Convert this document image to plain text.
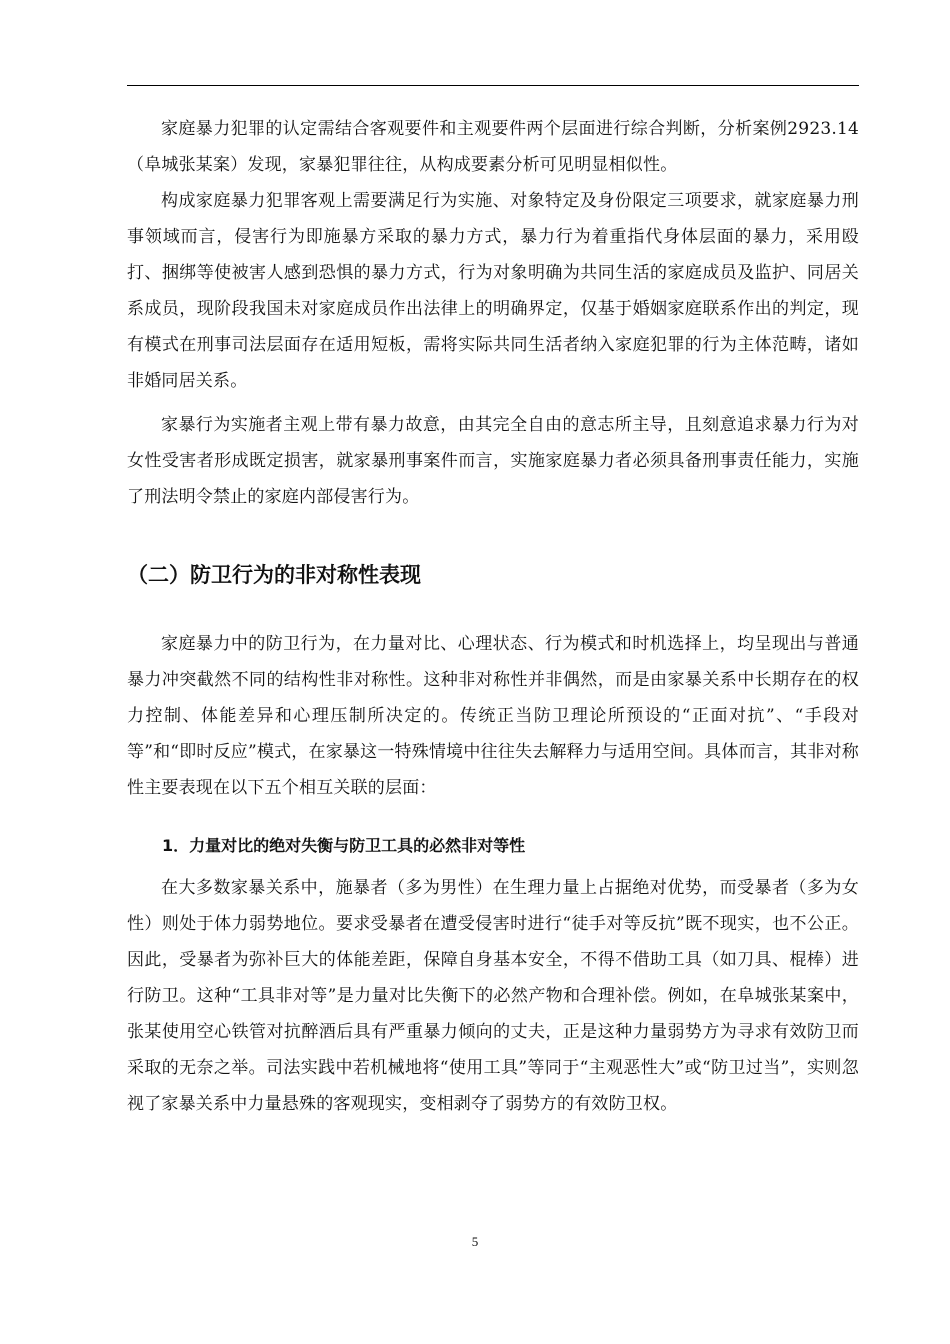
家庭暴力犯罪的认定需结合客观要件和主观要件两个层面进行综合判断，分析案例2923.14（阜城张某案）发现，家暴犯罪往往，从构成要素分析可见明显相似性。

构成家庭暴力犯罪客观上需要满足行为实施、对象特定及身份限定三项要求，就家庭暴力刑事领域而言，侵害行为即施暴方采取的暴力方式，暴力行为着重指代身体层面的暴力，采用殴打、捆绑等使被害人感到恐惧的暴力方式，行为对象明确为共同生活的家庭成员及监护、同居关系成员，现阶段我国未对家庭成员作出法律上的明确界定，仅基于婚姻家庭联系作出的判定，现有模式在刑事司法层面存在适用短板，需将实际共同生活者纳入家庭犯罪的行为主体范畴，诸如非婚同居关系。

家暴行为实施者主观上带有暴力故意，由其完全自由的意志所主导，且刻意追求暴力行为对女性受害者形成既定损害，就家暴刑事案件而言，实施家庭暴力者必须具备刑事责任能力，实施了刑法明令禁止的家庭内部侵害行为。

（二）防卫行为的非对称性表现

家庭暴力中的防卫行为，在力量对比、心理状态、行为模式和时机选择上，均呈现出与普通暴力冲突截然不同的结构性非对称性。这种非对称性并非偶然，而是由家暴关系中长期存在的权力控制、体能差异和心理压制所决定的。传统正当防卫理论所预设的“正面对抗”、“手段对等”和“即时反应”模式，在家暴这一特殊情境中往往失去解释力与适用空间。具体而言，其非对称性主要表现在以下五个相互关联的层面：

1．力量对比的绝对失衡与防卫工具的必然非对等性

在大多数家暴关系中，施暴者（多为男性）在生理力量上占据绝对优势，而受暴者（多为女性）则处于体力弱势地位。要求受暴者在遭受侵害时进行“徒手对等反抗”既不现实，也不公正。因此，受暴者为弥补巨大的体能差距，保障自身基本安全，不得不借助工具（如刀具、棍棒）进行防卫。这种“工具非对等”是力量对比失衡下的必然产物和合理补偿。例如，在阜城张某案中，张某使用空心铁管对抗醉酒后具有严重暴力倾向的丈夫，正是这种力量弱势方为寻求有效防卫而采取的无奈之举。司法实践中若机械地将“使用工具”等同于“主观恶性大”或“防卫过当”，实则忽视了家暴关系中力量悬殊的客观现实，变相剥夺了弱势方的有效防卫权。

5
